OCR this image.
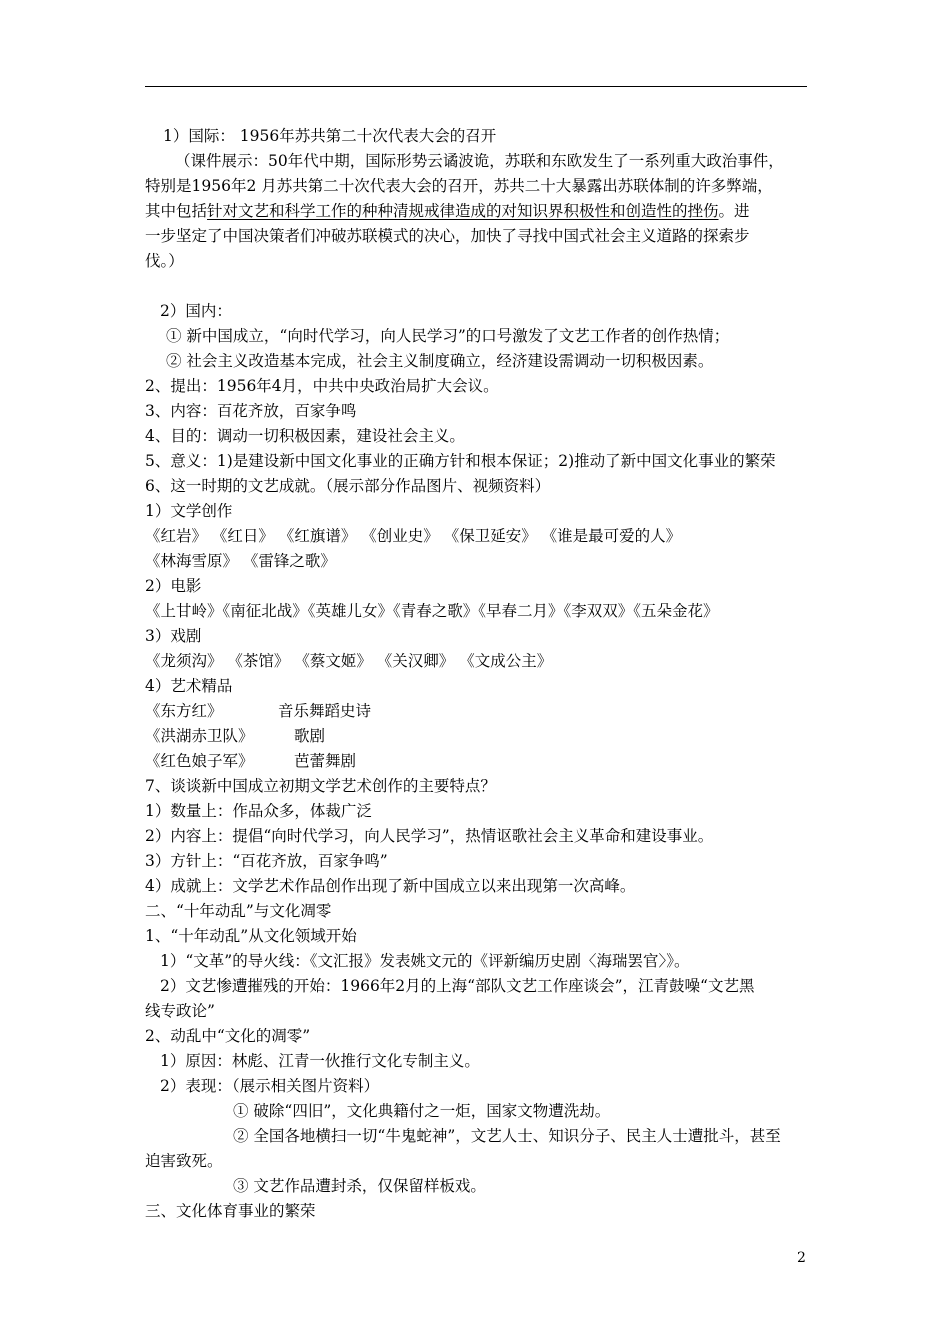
1）国际： 1956年苏共第二十次代表大会的召开
（课件展示：50年代中期，国际形势云谲波诡，苏联和东欧发生了一系列重大政治事件，
特别是1956年2 月苏共第二十次代表大会的召开，苏共二十大暴露出苏联体制的许多弊端，
其中包括针对文艺和科学工作的种种清规戒律造成的对知识界积极性和创造性的挫伤。进
一步坚定了中国决策者们冲破苏联模式的决心，加快了寻找中国式社会主义道路的探索步
伐。）
2）国内：
① 新中国成立，“向时代学习，向人民学习”的口号激发了文艺工作者的创作热情；
② 社会主义改造基本完成，社会主义制度确立，经济建设需调动一切积极因素。
2、提出：1956年4月，中共中央政治局扩大会议。
3、内容：百花齐放，百家争鸣
4、目的：调动一切积极因素，建设社会主义。
5、意义：1)是建设新中国文化事业的正确方针和根本保证；2)推动了新中国文化事业的繁荣
6、这一时期的文艺成就。（展示部分作品图片、视频资料）
1）文学创作
《红岩》 《红日》 《红旗谱》 《创业史》 《保卫延安》 《谁是最可爱的人》
《林海雪原》 《雷锋之歌》
2）电影
《上甘岭》《南征北战》《英雄儿女》《青春之歌》《早春二月》《李双双》《五朵金花》
3）戏剧
《龙须沟》 《茶馆》 《蔡文姬》 《关汉卿》 《文成公主》
4）艺术精品
《东方红》	音乐舞蹈史诗
《洪湖赤卫队》	歌剧
《红色娘子军》	芭蕾舞剧
7、谈谈新中国成立初期文学艺术创作的主要特点？
1）数量上：作品众多，体裁广泛
2）内容上：提倡“向时代学习，向人民学习”，热情讴歌社会主义革命和建设事业。
3）方针上：“百花齐放，百家争鸣”
4）成就上：文学艺术作品创作出现了新中国成立以来出现第一次高峰。
二、“十年动乱”与文化凋零
1、“十年动乱”从文化领域开始
1）“文革”的导火线：《文汇报》发表姚文元的《评新编历史剧〈海瑞罢官〉》。
2）文艺惨遭摧残的开始：1966年2月的上海“部队文艺工作座谈会”，江青鼓噪“文艺黑
线专政论”
2、动乱中“文化的凋零”
1）原因：林彪、江青一伙推行文化专制主义。
2）表现：（展示相关图片资料）
① 破除“四旧”，文化典籍付之一炬，国家文物遭洗劫。
② 全国各地横扫一切“牛鬼蛇神”，文艺人士、知识分子、民主人士遭批斗，甚至
迫害致死。
③ 文艺作品遭封杀，仅保留样板戏。
三、文化体育事业的繁荣
2
